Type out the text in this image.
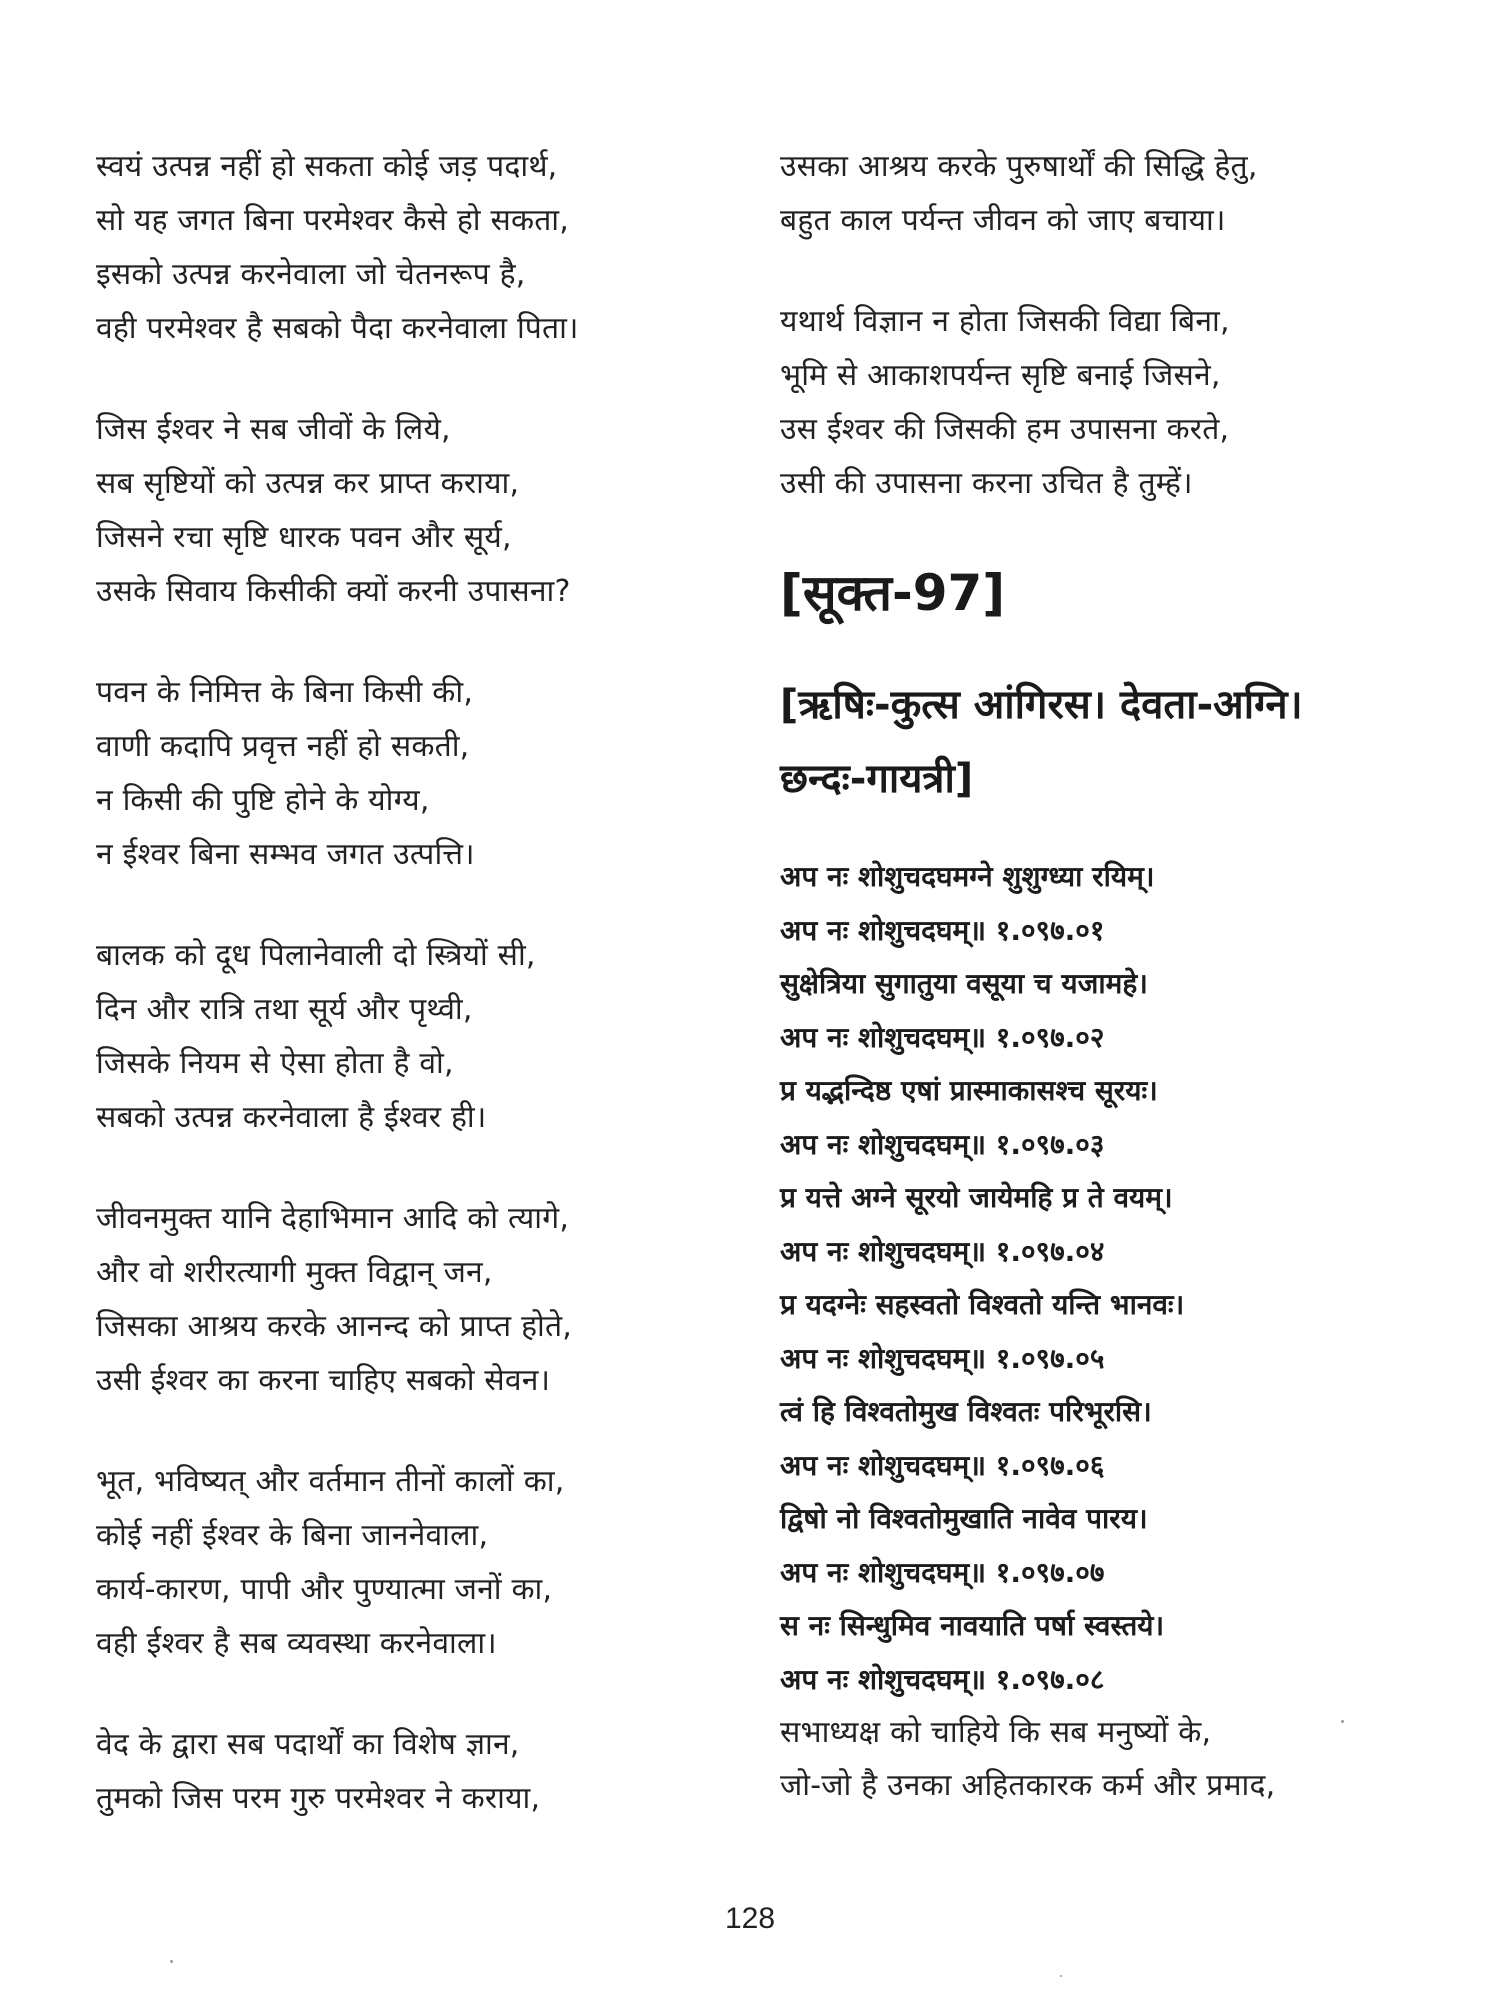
स्वयं उत्पन्न नहीं हो सकता कोई जड़ पदार्थ,
सो यह जगत बिना परमेश्वर कैसे हो सकता,
इसको उत्पन्न करनेवाला जो चेतनरूप है,
वही परमेश्वर है सबको पैदा करनेवाला पिता।
जिस ईश्वर ने सब जीवों के लिये,
सब सृष्टियों को उत्पन्न कर प्राप्त कराया,
जिसने रचा सृष्टि धारक पवन और सूर्य,
उसके सिवाय किसीकी क्यों करनी उपासना?
पवन के निमित्त के बिना किसी की,
वाणी कदापि प्रवृत्त नहीं हो सकती,
न किसी की पुष्टि होने के योग्य,
न ईश्वर बिना सम्भव जगत उत्पत्ति।
बालक को दूध पिलानेवाली दो स्त्रियों सी,
दिन और रात्रि तथा सूर्य और पृथ्वी,
जिसके नियम से ऐसा होता है वो,
सबको उत्पन्न करनेवाला है ईश्वर ही।
जीवनमुक्त यानि देहाभिमान आदि को त्यागे,
और वो शरीरत्यागी मुक्त विद्वान् जन,
जिसका आश्रय करके आनन्द को प्राप्त होते,
उसी ईश्वर का करना चाहिए सबको सेवन।
भूत, भविष्यत् और वर्तमान तीनों कालों का,
कोई नहीं ईश्वर के बिना जाननेवाला,
कार्य-कारण, पापी और पुण्यात्मा जनों का,
वही ईश्वर है सब व्यवस्था करनेवाला।
वेद के द्वारा सब पदार्थों का विशेष ज्ञान,
तुमको जिस परम गुरु परमेश्वर ने कराया,
उसका आश्रय करके पुरुषार्थों की सिद्धि हेतु,
बहुत काल पर्यन्त जीवन को जाए बचाया।
यथार्थ विज्ञान न होता जिसकी विद्या बिना,
भूमि से आकाशपर्यन्त सृष्टि बनाई जिसने,
उस ईश्वर की जिसकी हम उपासना करते,
उसी की उपासना करना उचित है तुम्हें।
[सूक्त-97]
[ऋषिः-कुत्स आंगिरस। देवता-अग्नि।
छन्दः-गायत्री]
अप नः शोशुचदघमग्ने शुशुग्ध्या रयिम्।
अप नः शोशुचदघम्॥ १.०९७.०१
सुक्षेत्रिया सुगातुया वसूया च यजामहे।
अप नः शोशुचदघम्॥ १.०९७.०२
प्र यद्भन्दिष्ठ एषां प्रास्माकासश्च सूरयः।
अप नः शोशुचदघम्॥ १.०९७.०३
प्र यत्ते अग्ने सूरयो जायेमहि प्र ते वयम्।
अप नः शोशुचदघम्॥ १.०९७.०४
प्र यदग्नेः सहस्वतो विश्वतो यन्ति भानवः।
अप नः शोशुचदघम्॥ १.०९७.०५
त्वं हि विश्वतोमुख विश्वतः परिभूरसि।
अप नः शोशुचदघम्॥ १.०९७.०६
द्विषो नो विश्वतोमुखाति नावेव पारय।
अप नः शोशुचदघम्॥ १.०९७.०७
स नः सिन्धुमिव नावयाति पर्षा स्वस्तये।
अप नः शोशुचदघम्॥ १.०९७.०८
सभाध्यक्ष को चाहिये कि सब मनुष्यों के,
जो-जो है उनका अहितकारक कर्म और प्रमाद,
128
